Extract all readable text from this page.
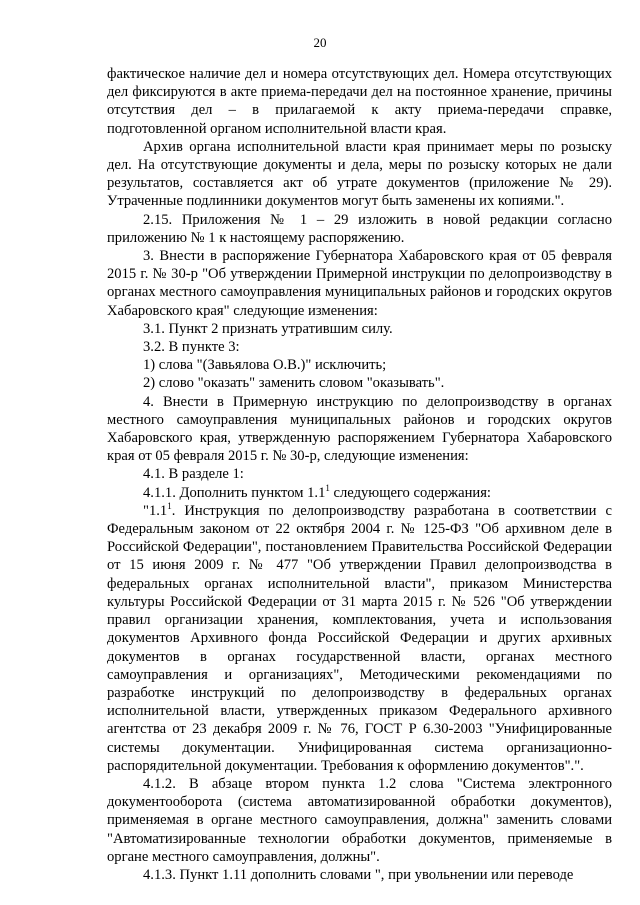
20

фактическое наличие дел и номера отсутствующих дел. Номера отсутствующих дел фиксируются в акте приема-передачи дел на постоянное хранение, причины отсутствия дел – в прилагаемой к акту приема-передачи справке, подготовленной органом исполнительной власти края.

Архив органа исполнительной власти края принимает меры по розыску дел. На отсутствующие документы и дела, меры по розыску которых не дали результатов, составляется акт об утрате документов (приложение № 29). Утраченные подлинники документов могут быть заменены их копиями.".

2.15. Приложения № 1 – 29 изложить в новой редакции согласно приложению № 1 к настоящему распоряжению.

3. Внести в распоряжение Губернатора Хабаровского края от 05 февраля 2015 г. № 30-р "Об утверждении Примерной инструкции по делопроизводству в органах местного самоуправления муниципальных районов и городских округов Хабаровского края" следующие изменения:

3.1. Пункт 2 признать утратившим силу.

3.2. В пункте 3:

1) слова "(Завьялова О.В.)" исключить;

2) слово "оказать" заменить словом "оказывать".

4. Внести в Примерную инструкцию по делопроизводству в органах местного самоуправления муниципальных районов и городских округов Хабаровского края, утвержденную распоряжением Губернатора Хабаровского края от 05 февраля 2015 г. № 30-р, следующие изменения:

4.1. В разделе 1:

4.1.1. Дополнить пунктом $1.1^1$ следующего содержания:

"$1.1^1$. Инструкция по делопроизводству разработана в соответствии с Федеральным законом от 22 октября 2004 г. № 125-ФЗ "Об архивном деле в Российской Федерации", постановлением Правительства Российской Федерации от 15 июня 2009 г. № 477 "Об утверждении Правил делопроизводства в федеральных органах исполнительной власти", приказом Министерства культуры Российской Федерации от 31 марта 2015 г. № 526 "Об утверждении правил организации хранения, комплектования, учета и использования документов Архивного фонда Российской Федерации и других архивных документов в органах государственной власти, органах местного самоуправления и организациях", Методическими рекомендациями по разработке инструкций по делопроизводству в федеральных органах исполнительной власти, утвержденных приказом Федерального архивного агентства от 23 декабря 2009 г. № 76, ГОСТ Р 6.30-2003 "Унифицированные системы документации. Унифицированная система организационно-распорядительной документации. Требования к оформлению документов".".

4.1.2. В абзаце втором пункта 1.2 слова "Система электронного документооборота (система автоматизированной обработки документов), применяемая в органе местного самоуправления, должна" заменить словами "Автоматизированные технологии обработки документов, применяемые в органе местного самоуправления, должны".

4.1.3. Пункт 1.11 дополнить словами ", при увольнении или переводе
